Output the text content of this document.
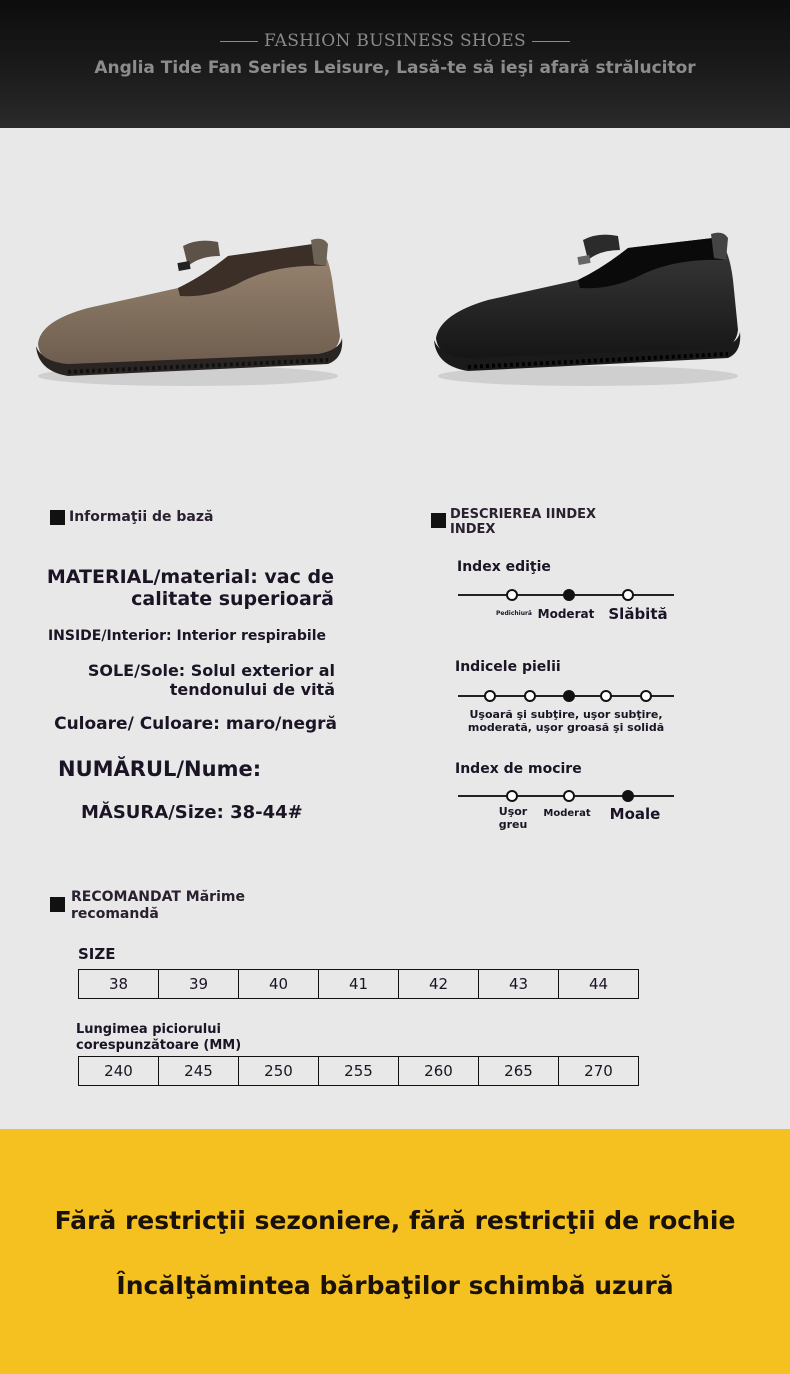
FASHION BUSINESS SHOES
Anglia Tide Fan Series Leisure, Lasă-te să ieşi afară strălucitor
Informaţii de bază
MATERIAL/material: vac de
calitate superioară
INSIDE/Interior: Interior respirabile
SOLE/Sole: Solul exterior al
tendonului de vită
Culoare/ Culoare: maro/negră
NUMĂRUL/Nume:
MĂSURA/Size: 38-44#
DESCRIEREA IINDEX
INDEX
Index ediţie
Pedichiură Moderat Slăbită
Indicele pielii
Uşoară şi subţire, uşor subţire,
moderată, uşor groasă şi solidă
Index de mocire
Uşor
greu
Moderat	Moale
RECOMANDAT Mărime
recomandă
SIZE
38	39	40	41	42	43	44
Lungimea piciorului
corespunzătoare (MM)
240	245	250	255	260	265	270
Fără restricţii sezoniere, fără restricţii de rochie
Încălţămintea bărbaţilor schimbă uzură
